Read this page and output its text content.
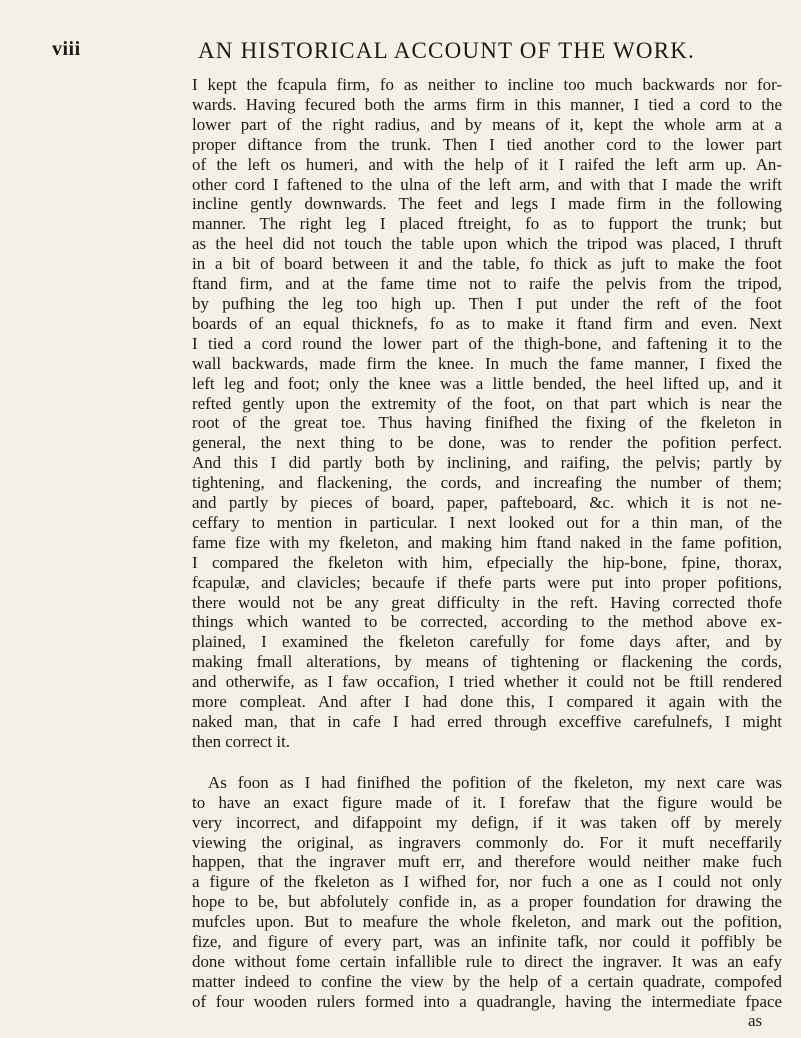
viii	AN HISTORICAL ACCOUNT OF THE WORK.

I kept the fcapula firm, fo as neither to incline too much backwards nor for-
wards. Having fecured both the arms firm in this manner, I tied a cord to the
lower part of the right radius, and by means of it, kept the whole arm at a
proper diftance from the trunk. Then I tied another cord to the lower part
of the left os humeri, and with the help of it I raifed the left arm up. An-
other cord I faftened to the ulna of the left arm, and with that I made the wrift
incline gently downwards. The feet and legs I made firm in the following
manner. The right leg I placed ftreight, fo as to fupport the trunk; but
as the heel did not touch the table upon which the tripod was placed, I thruft
in a bit of board between it and the table, fo thick as juft to make the foot
ftand firm, and at the fame time not to raife the pelvis from the tripod,
by pufhing the leg too high up. Then I put under the reft of the foot
boards of an equal thicknefs, fo as to make it ftand firm and even. Next
I tied a cord round the lower part of the thigh-bone, and faftening it to the
wall backwards, made firm the knee. In much the fame manner, I fixed the
left leg and foot; only the knee was a little bended, the heel lifted up, and it
refted gently upon the extremity of the foot, on that part which is near the
root of the great toe. Thus having finifhed the fixing of the fkeleton in
general, the next thing to be done, was to render the pofition perfect.
And this I did partly both by inclining, and raifing, the pelvis; partly by
tightening, and flackening, the cords, and increafing the number of them;
and partly by pieces of board, paper, pafteboard, &c. which it is not ne-
ceffary to mention in particular. I next looked out for a thin man, of the
fame fize with my fkeleton, and making him ftand naked in the fame pofition,
I compared the fkeleton with him, efpecially the hip-bone, fpine, thorax,
fcapulæ, and clavicles; becaufe if thefe parts were put into proper pofitions,
there would not be any great difficulty in the reft. Having corrected thofe
things which wanted to be corrected, according to the method above ex-
plained, I examined the fkeleton carefully for fome days after, and by
making fmall alterations, by means of tightening or flackening the cords,
and otherwife, as I faw occafion, I tried whether it could not be ftill rendered
more compleat. And after I had done this, I compared it again with the
naked man, that in cafe I had erred through exceffive carefulnefs, I might
then correct it.

As foon as I had finifhed the pofition of the fkeleton, my next care was
to have an exact figure made of it. I forefaw that the figure would be
very incorrect, and difappoint my defign, if it was taken off by merely
viewing the original, as ingravers commonly do. For it muft neceffarily
happen, that the ingraver muft err, and therefore would neither make fuch
a figure of the fkeleton as I wifhed for, nor fuch a one as I could not only
hope to be, but abfolutely confide in, as a proper foundation for drawing the
mufcles upon. But to meafure the whole fkeleton, and mark out the pofition,
fize, and figure of every part, was an infinite tafk, nor could it poffibly be
done without fome certain infallible rule to direct the ingraver. It was an eafy
matter indeed to confine the view by the help of a certain quadrate, compofed
of four wooden rulers formed into a quadrangle, having the intermediate fpace

as
